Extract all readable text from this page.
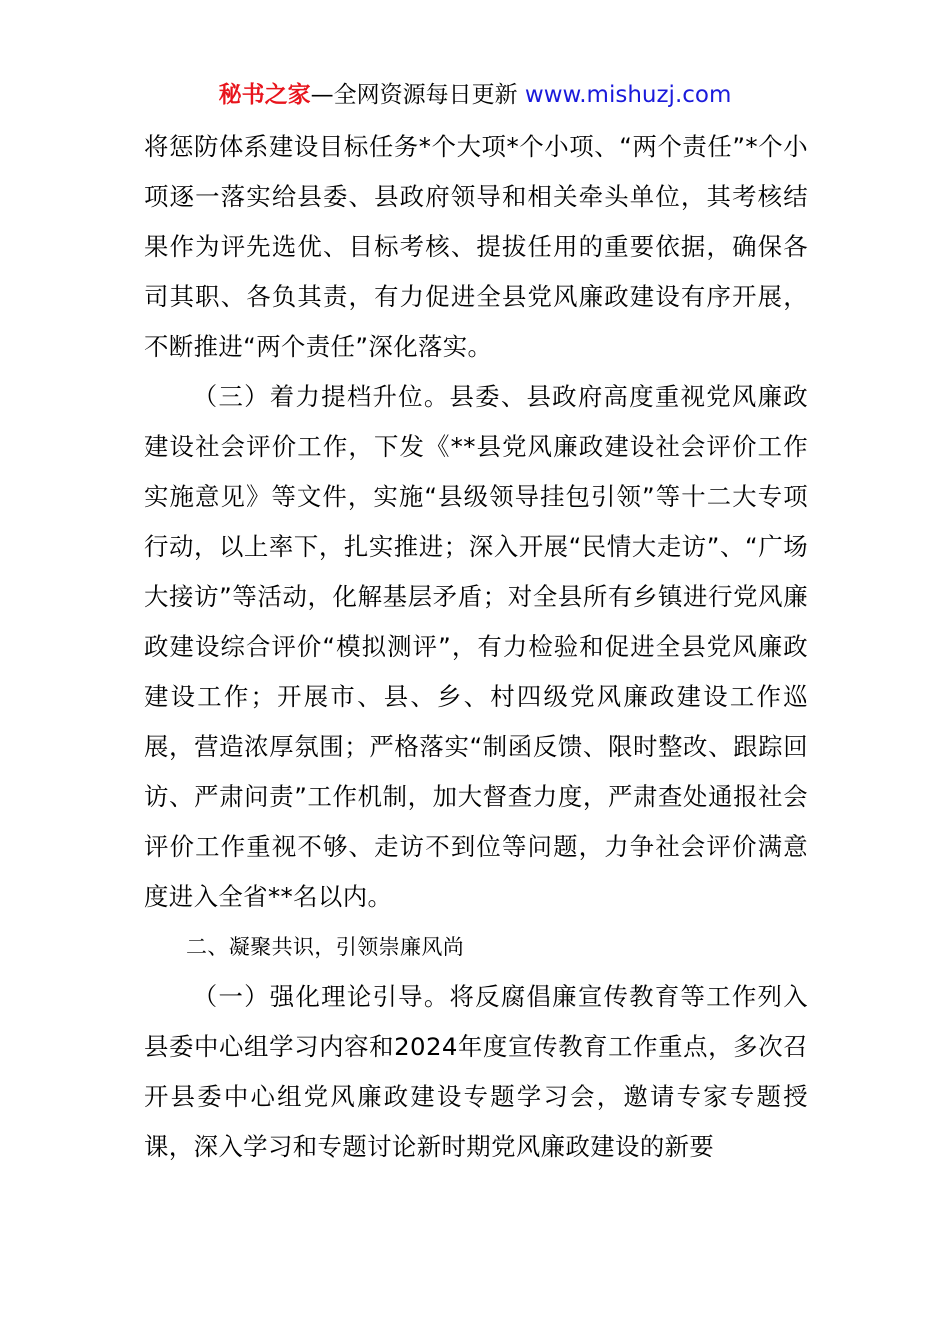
秘书之家—全网资源每日更新 www.mishuzj.com

将惩防体系建设目标任务*个大项*个小项、“两个责任”*个小项逐一落实给县委、县政府领导和相关牵头单位，其考核结果作为评先选优、目标考核、提拔任用的重要依据，确保各司其职、各负其责，有力促进全县党风廉政建设有序开展，不断推进“两个责任”深化落实。

（三）着力提档升位。县委、县政府高度重视党风廉政建设社会评价工作，下发《**县党风廉政建设社会评价工作实施意见》等文件，实施“县级领导挂包引领”等十二大专项行动，以上率下，扎实推进；深入开展“民情大走访”、“广场大接访”等活动，化解基层矛盾；对全县所有乡镇进行党风廉政建设综合评价“模拟测评”，有力检验和促进全县党风廉政建设工作；开展市、县、乡、村四级党风廉政建设工作巡展，营造浓厚氛围；严格落实“制函反馈、限时整改、跟踪回访、严肃问责”工作机制，加大督查力度，严肃查处通报社会评价工作重视不够、走访不到位等问题，力争社会评价满意度进入全省**名以内。

二、凝聚共识，引领崇廉风尚

（一）强化理论引导。将反腐倡廉宣传教育等工作列入县委中心组学习内容和2024年度宣传教育工作重点，多次召开县委中心组党风廉政建设专题学习会，邀请专家专题授课，深入学习和专题讨论新时期党风廉政建设的新要
